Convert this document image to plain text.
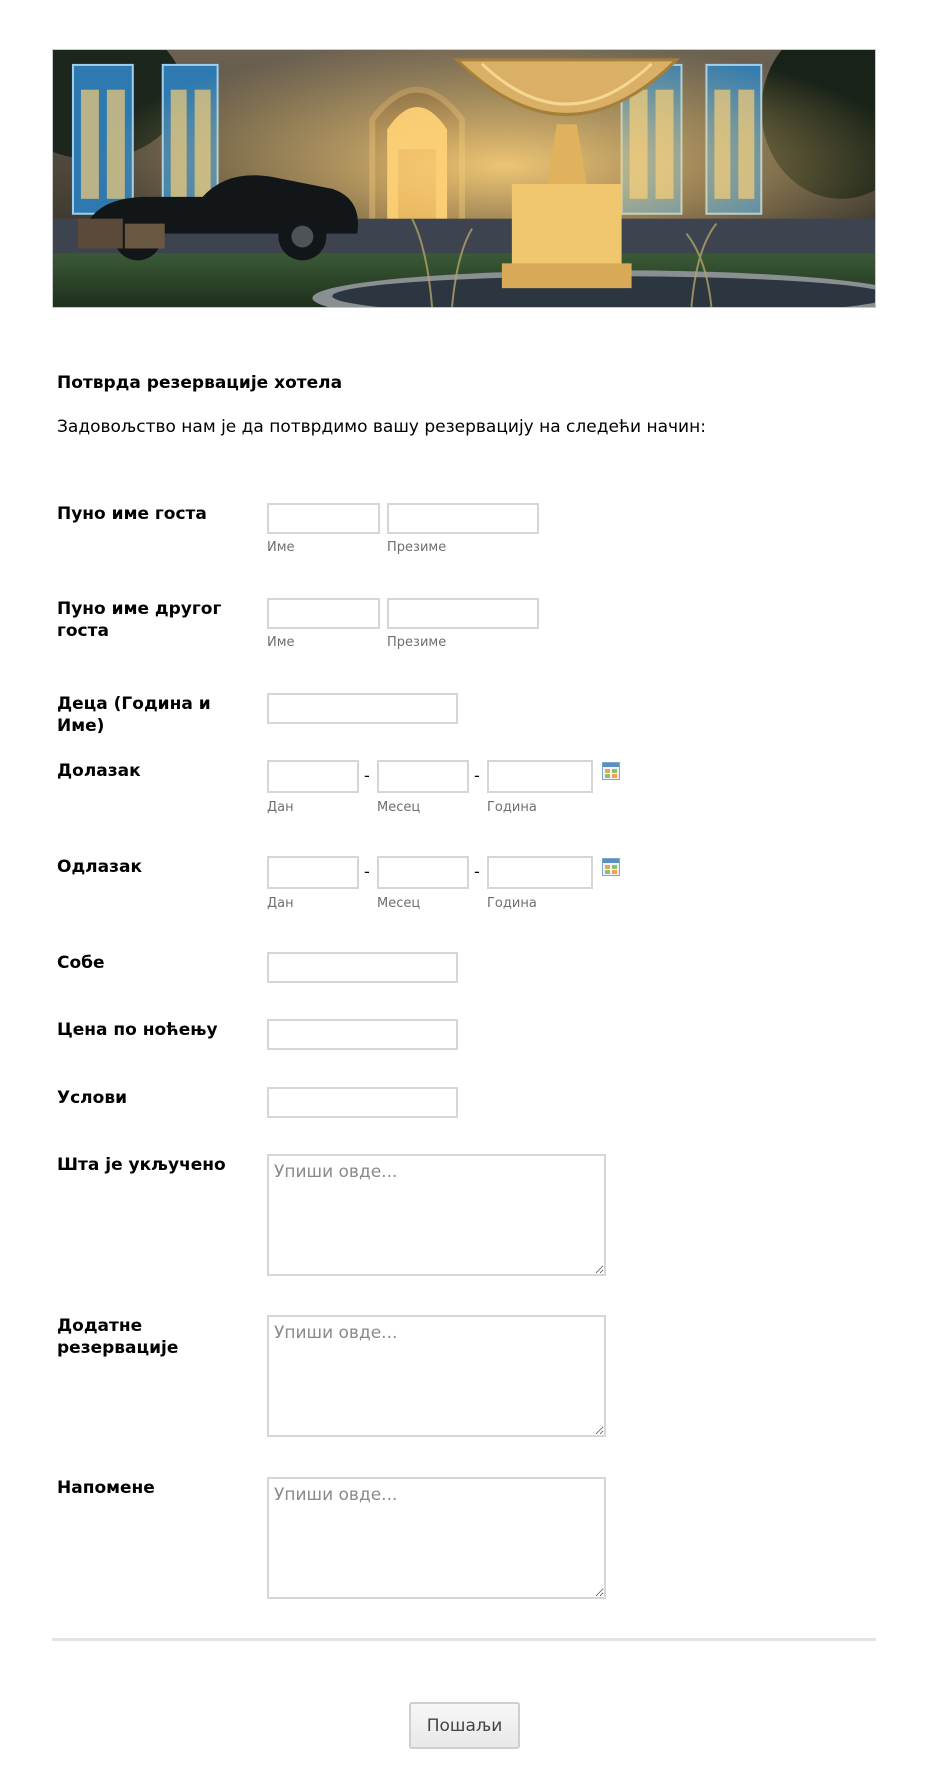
Потврда резервације хотела
Задовољство нам је да потврдимо вашу резервацију на следећи начин:
Пуно име госта
Име	Презиме
Пуно име другог госта
Име	Презиме
Деца (Година и Име)
Долазак	-	-
Дан	Месец	Година
Одлазак	-	-
Дан	Месец	Година
Собе
Цена по ноћењу
Услови
Шта је укључено
Упиши овде...
Додатне резервације
Упиши овде...
Напомене
Упиши овде...
Пошаљи
